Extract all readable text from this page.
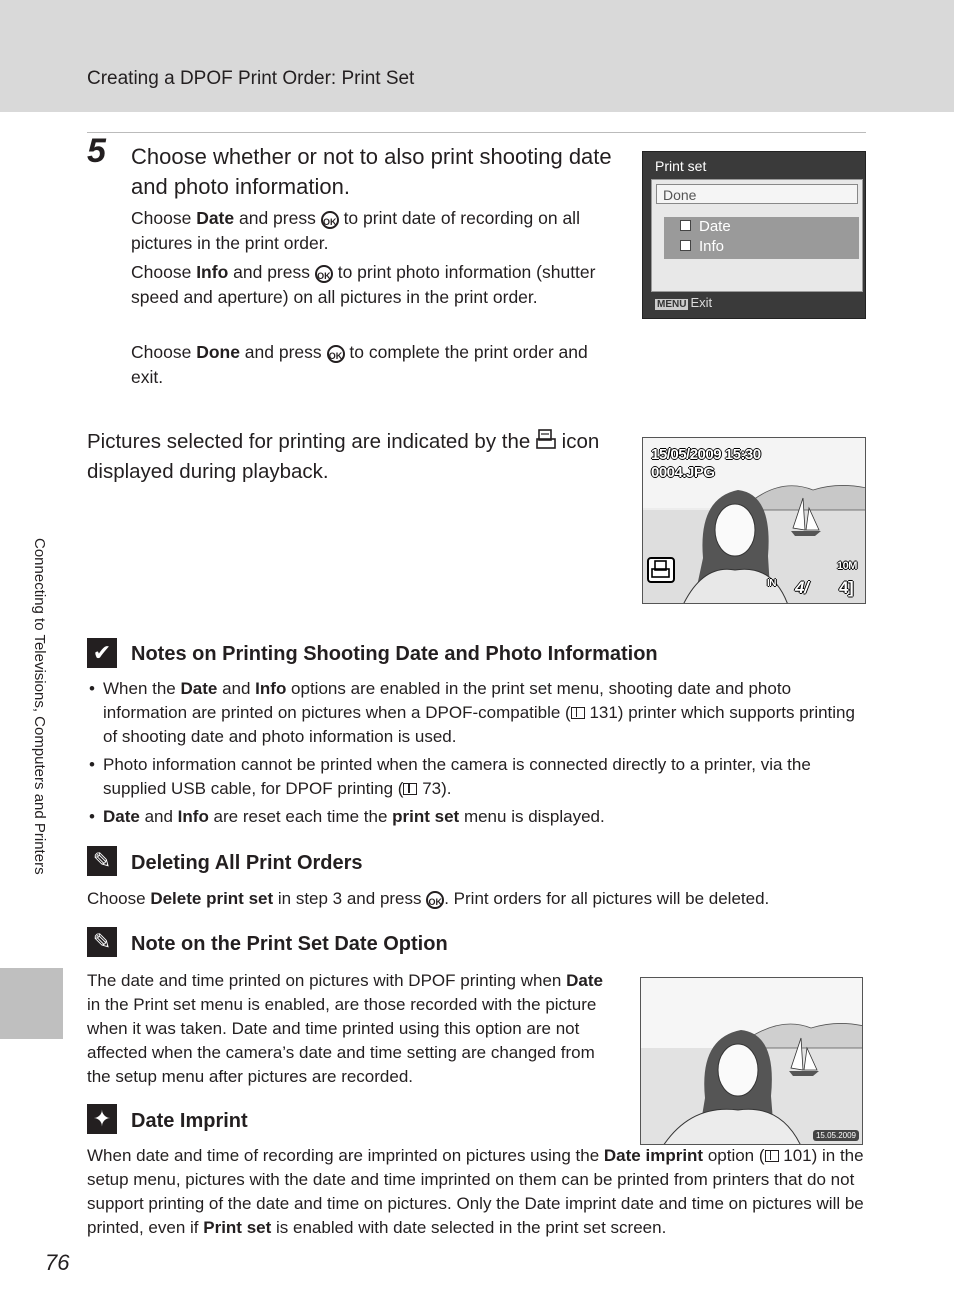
Creating a DPOF Print Order: Print Set
5 Choose whether or not to also print shooting date and photo information.
Choose Date and press OK to print date of recording on all pictures in the print order.
Choose Info and press OK to print photo information (shutter speed and aperture) on all pictures in the print order.
Choose Done and press OK to complete the print order and exit.
Print set
Done
Date
Info
MENU Exit
Pictures selected for printing are indicated by the  icon displayed during playback.
15/05/2009 15:30
0004.JPG
IN 4/ 4]
10M
✔ Notes on Printing Shooting Date and Photo Information
• When the Date and Info options are enabled in the print set menu, shooting date and photo information are printed on pictures when a DPOF-compatible ( 131) printer which supports printing of shooting date and photo information is used.
• Photo information cannot be printed when the camera is connected directly to a printer, via the supplied USB cable, for DPOF printing ( 73).
• Date and Info are reset each time the print set menu is displayed.
✎ Deleting All Print Orders
Choose Delete print set in step 3 and press OK . Print orders for all pictures will be deleted.
✎ Note on the Print Set Date Option
The date and time printed on pictures with DPOF printing when Date in the Print set menu is enabled, are those recorded with the picture when it was taken. Date and time printed using this option are not affected when the camera’s date and time setting are changed from the setup menu after pictures are recorded.
15.05.2009
✦ Date Imprint
When date and time of recording are imprinted on pictures using the Date imprint option ( 101) in the setup menu, pictures with the date and time imprinted on them can be printed from printers that do not support printing of the date and time on pictures. Only the Date imprint date and time on pictures will be printed, even if Print set is enabled with date selected in the print set screen.
Connecting to Televisions, Computers and Printers
76
